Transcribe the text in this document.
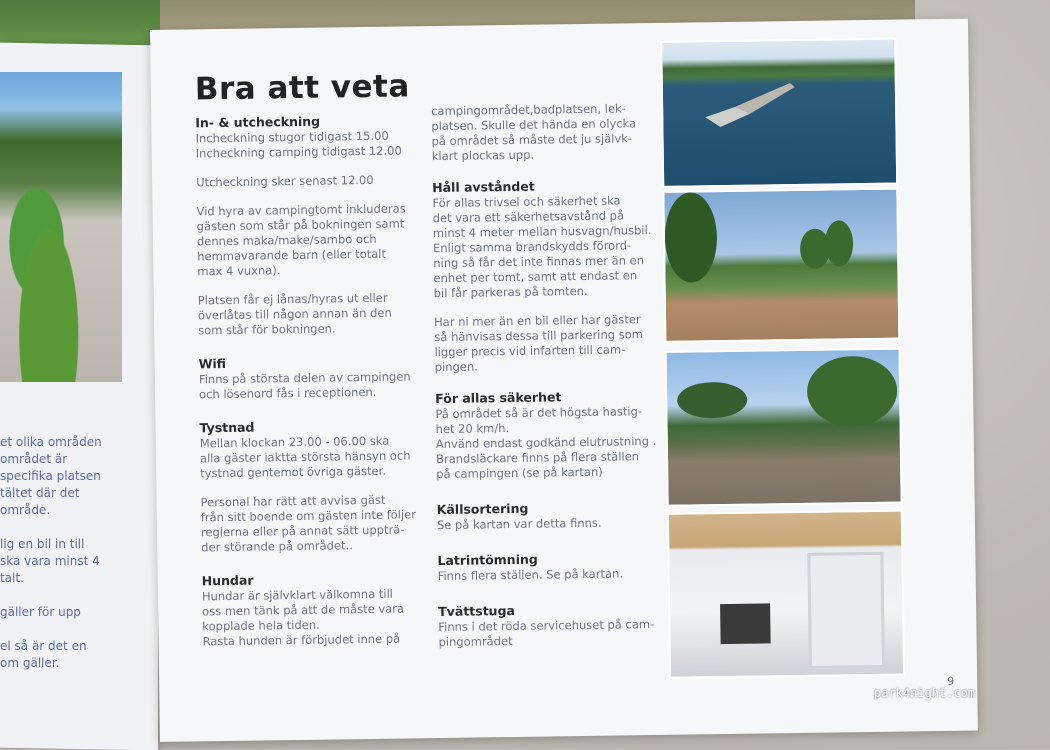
et olika områden
området är
specifika platsen
tältet där det
område.

lig en bil in till
ska vara minst 4
talt.

gäller för upp

el så är det en
om gäller.
Bra att veta
In- & utcheckning
Incheckning stugor tidigast 15.00
Incheckning camping tidigast 12.00
Utcheckning sker senast 12.00
Vid hyra av campingtomt inkluderas
gästen som står på bokningen samt
dennes maka/make/sambo och
hemmavarande barn (eller totalt
max 4 vuxna).
Platsen får ej lånas/hyras ut eller
överlåtas till någon annan än den
som står för bokningen.
Wifi
Finns på största delen av campingen
och lösenord fås i receptionen.
Tystnad
Mellan klockan 23.00 - 06.00 ska
alla gäster iaktta största hänsyn och
tystnad gentemot övriga gäster.
Personal har rätt att avvisa gäst
från sitt boende om gästen inte följer
reglerna eller på annat sätt uppträ-
der störande på området..
Hundar
Hundar är självklart välkomna till
oss men tänk på att de måste vara
kopplade hela tiden.
Rasta hunden är förbjudet inne på
campingområdet,badplatsen, lek-
platsen. Skulle det hända en olycka
på området så måste det ju självk-
klart plockas upp.
Håll avståndet
För allas trivsel och säkerhet ska
det vara ett säkerhetsavstånd på
minst 4 meter mellan husvagn/husbil.
Enligt samma brandskydds förord-
ning så får det inte finnas mer än en
enhet per tomt, samt att endast en
bil får parkeras på tomten.
Har ni mer än en bil eller har gäster
så hänvisas dessa till parkering som
ligger precis vid infarten till cam-
pingen.
För allas säkerhet
På området så är det högsta hastig-
het 20 km/h.
Använd endast godkänd elutrustning .
Brandsläckare finns på flera ställen
på campingen (se på kartan)
Källsortering
Se på kartan var detta finns.
Latrintömning
Finns flera ställen. Se på kartan.
Tvättstuga
Finns i det röda servicehuset på cam-
pingområdet
9
park4night.com
